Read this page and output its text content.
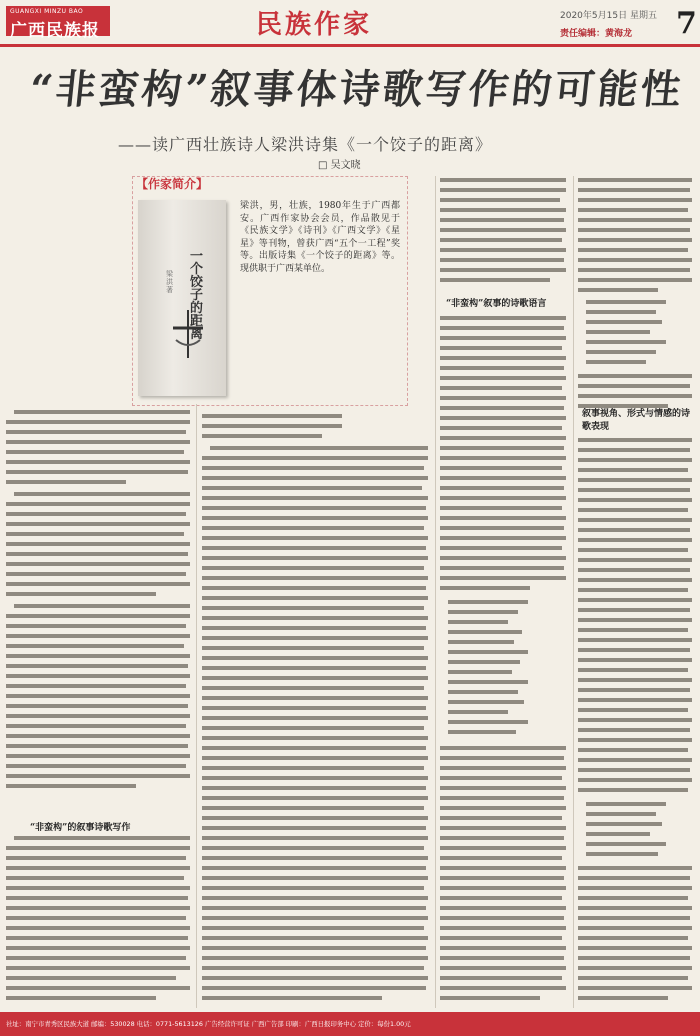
GUANGXI MINZU BAO
广西民族报	民族作家	2020年5月15日 星期五
责任编辑：黄海龙 7
“非蛮构”叙事体诗歌写作的可能性
——读广西壮族诗人梁洪诗集《一个饺子的距离》
□ 吴文晓
【作家简介】
一个饺子的距离
梁洪 著
梁洪，男，壮族，1980年生于广西都安。广西作家协会会员，作品散见于《民族文学》《诗刊》《广西文学》《星星》等刊物，曾获广西“五个一工程”奖等。出版诗集《一个饺子的距离》等。现供职于广西某单位。
“非蛮构”的叙事诗歌写作
“非蛮构”叙事的诗歌语言
叙事视角、形式与情感的诗歌表现
社址：南宁市青秀区民族大道 邮编：530028 电话：0771-5613126 广告经营许可证 广西广告部 印刷：广西日报印务中心 定价：每份1.00元
